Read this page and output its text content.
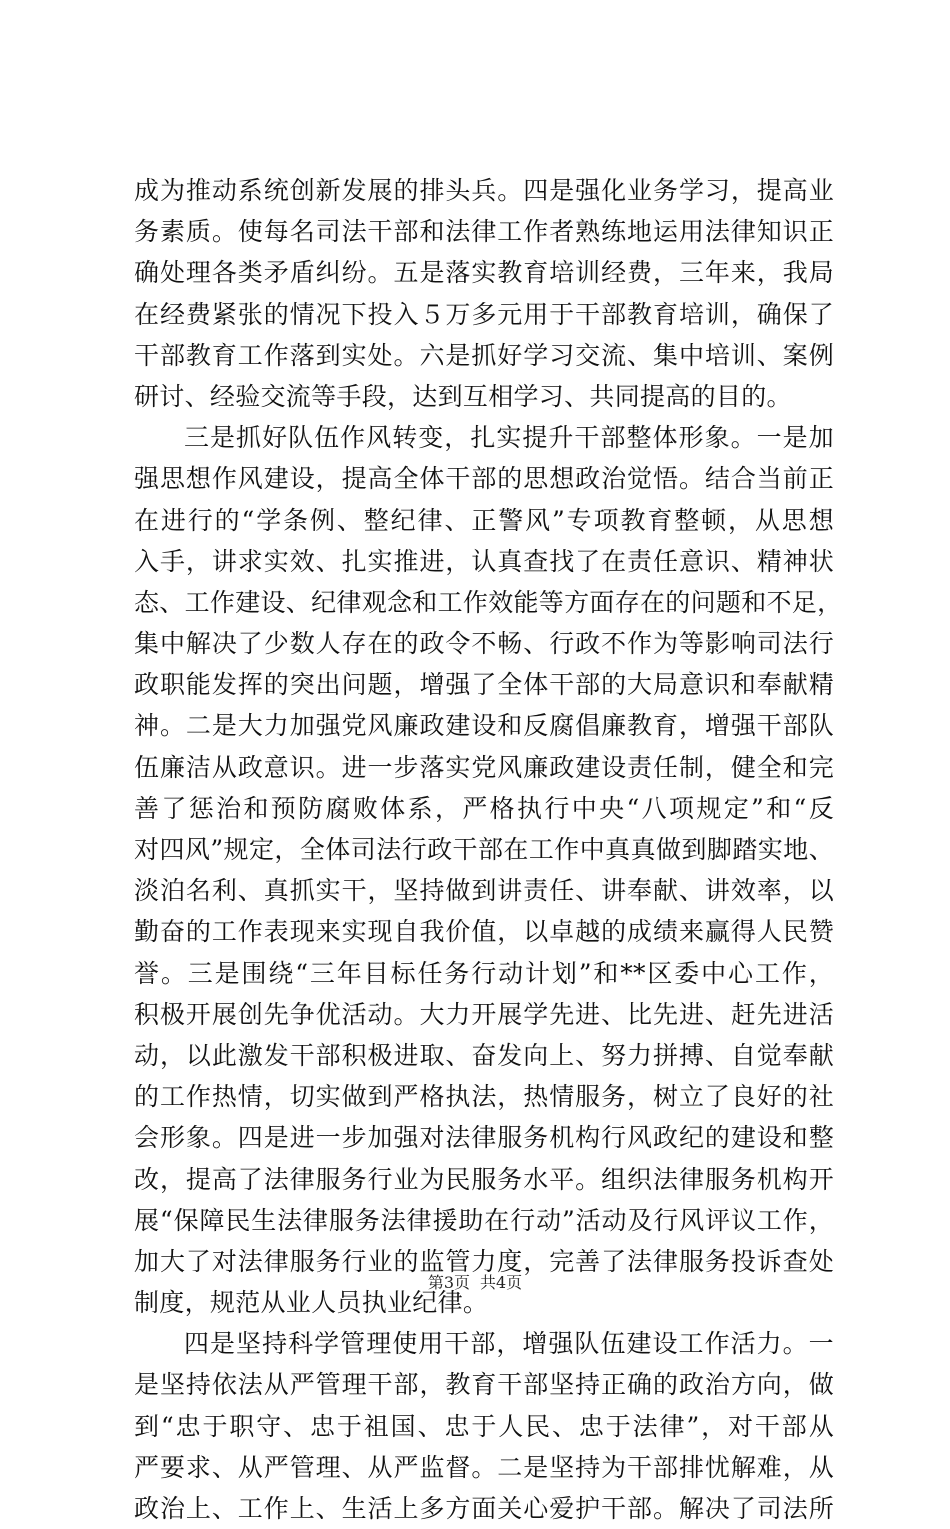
成为推动系统创新发展的排头兵。四是强化业务学习，提高业
务素质。使每名司法干部和法律工作者熟练地运用法律知识正
确处理各类矛盾纠纷。五是落实教育培训经费，三年来，我局
在经费紧张的情况下投入５万多元用于干部教育培训，确保了
干部教育工作落到实处。六是抓好学习交流、集中培训、案例
研讨、经验交流等手段，达到互相学习、共同提高的目的。
三是抓好队伍作风转变，扎实提升干部整体形象。一是加
强思想作风建设，提高全体干部的思想政治觉悟。结合当前正
在进行的“学条例、整纪律、正警风”专项教育整顿，从思想
入手，讲求实效、扎实推进，认真查找了在责任意识、精神状
态、工作建设、纪律观念和工作效能等方面存在的问题和不足，
集中解决了少数人存在的政令不畅、行政不作为等影响司法行
政职能发挥的突出问题，增强了全体干部的大局意识和奉献精
神。二是大力加强党风廉政建设和反腐倡廉教育，增强干部队
伍廉洁从政意识。进一步落实党风廉政建设责任制，健全和完
善了惩治和预防腐败体系，严格执行中央“八项规定”和“反
对四风”规定，全体司法行政干部在工作中真真做到脚踏实地、
淡泊名利、真抓实干，坚持做到讲责任、讲奉献、讲效率，以
勤奋的工作表现来实现自我价值，以卓越的成绩来赢得人民赞
誉。三是围绕“三年目标任务行动计划”和**区委中心工作，
积极开展创先争优活动。大力开展学先进、比先进、赶先进活
动，以此激发干部积极进取、奋发向上、努力拼搏、自觉奉献
的工作热情，切实做到严格执法，热情服务，树立了良好的社
会形象。四是进一步加强对法律服务机构行风政纪的建设和整
改，提高了法律服务行业为民服务水平。组织法律服务机构开
展“保障民生法律服务法律援助在行动”活动及行风评议工作，
加大了对法律服务行业的监管力度，完善了法律服务投诉查处
制度，规范从业人员执业纪律。
四是坚持科学管理使用干部，增强队伍建设工作活力。一
是坚持依法从严管理干部，教育干部坚持正确的政治方向，做
到“忠于职守、忠于祖国、忠于人民、忠于法律”，对干部从
严要求、从严管理、从严监督。二是坚持为干部排忧解难，从
政治上、工作上、生活上多方面关心爱护干部。解决了司法所
第3页 共4页
